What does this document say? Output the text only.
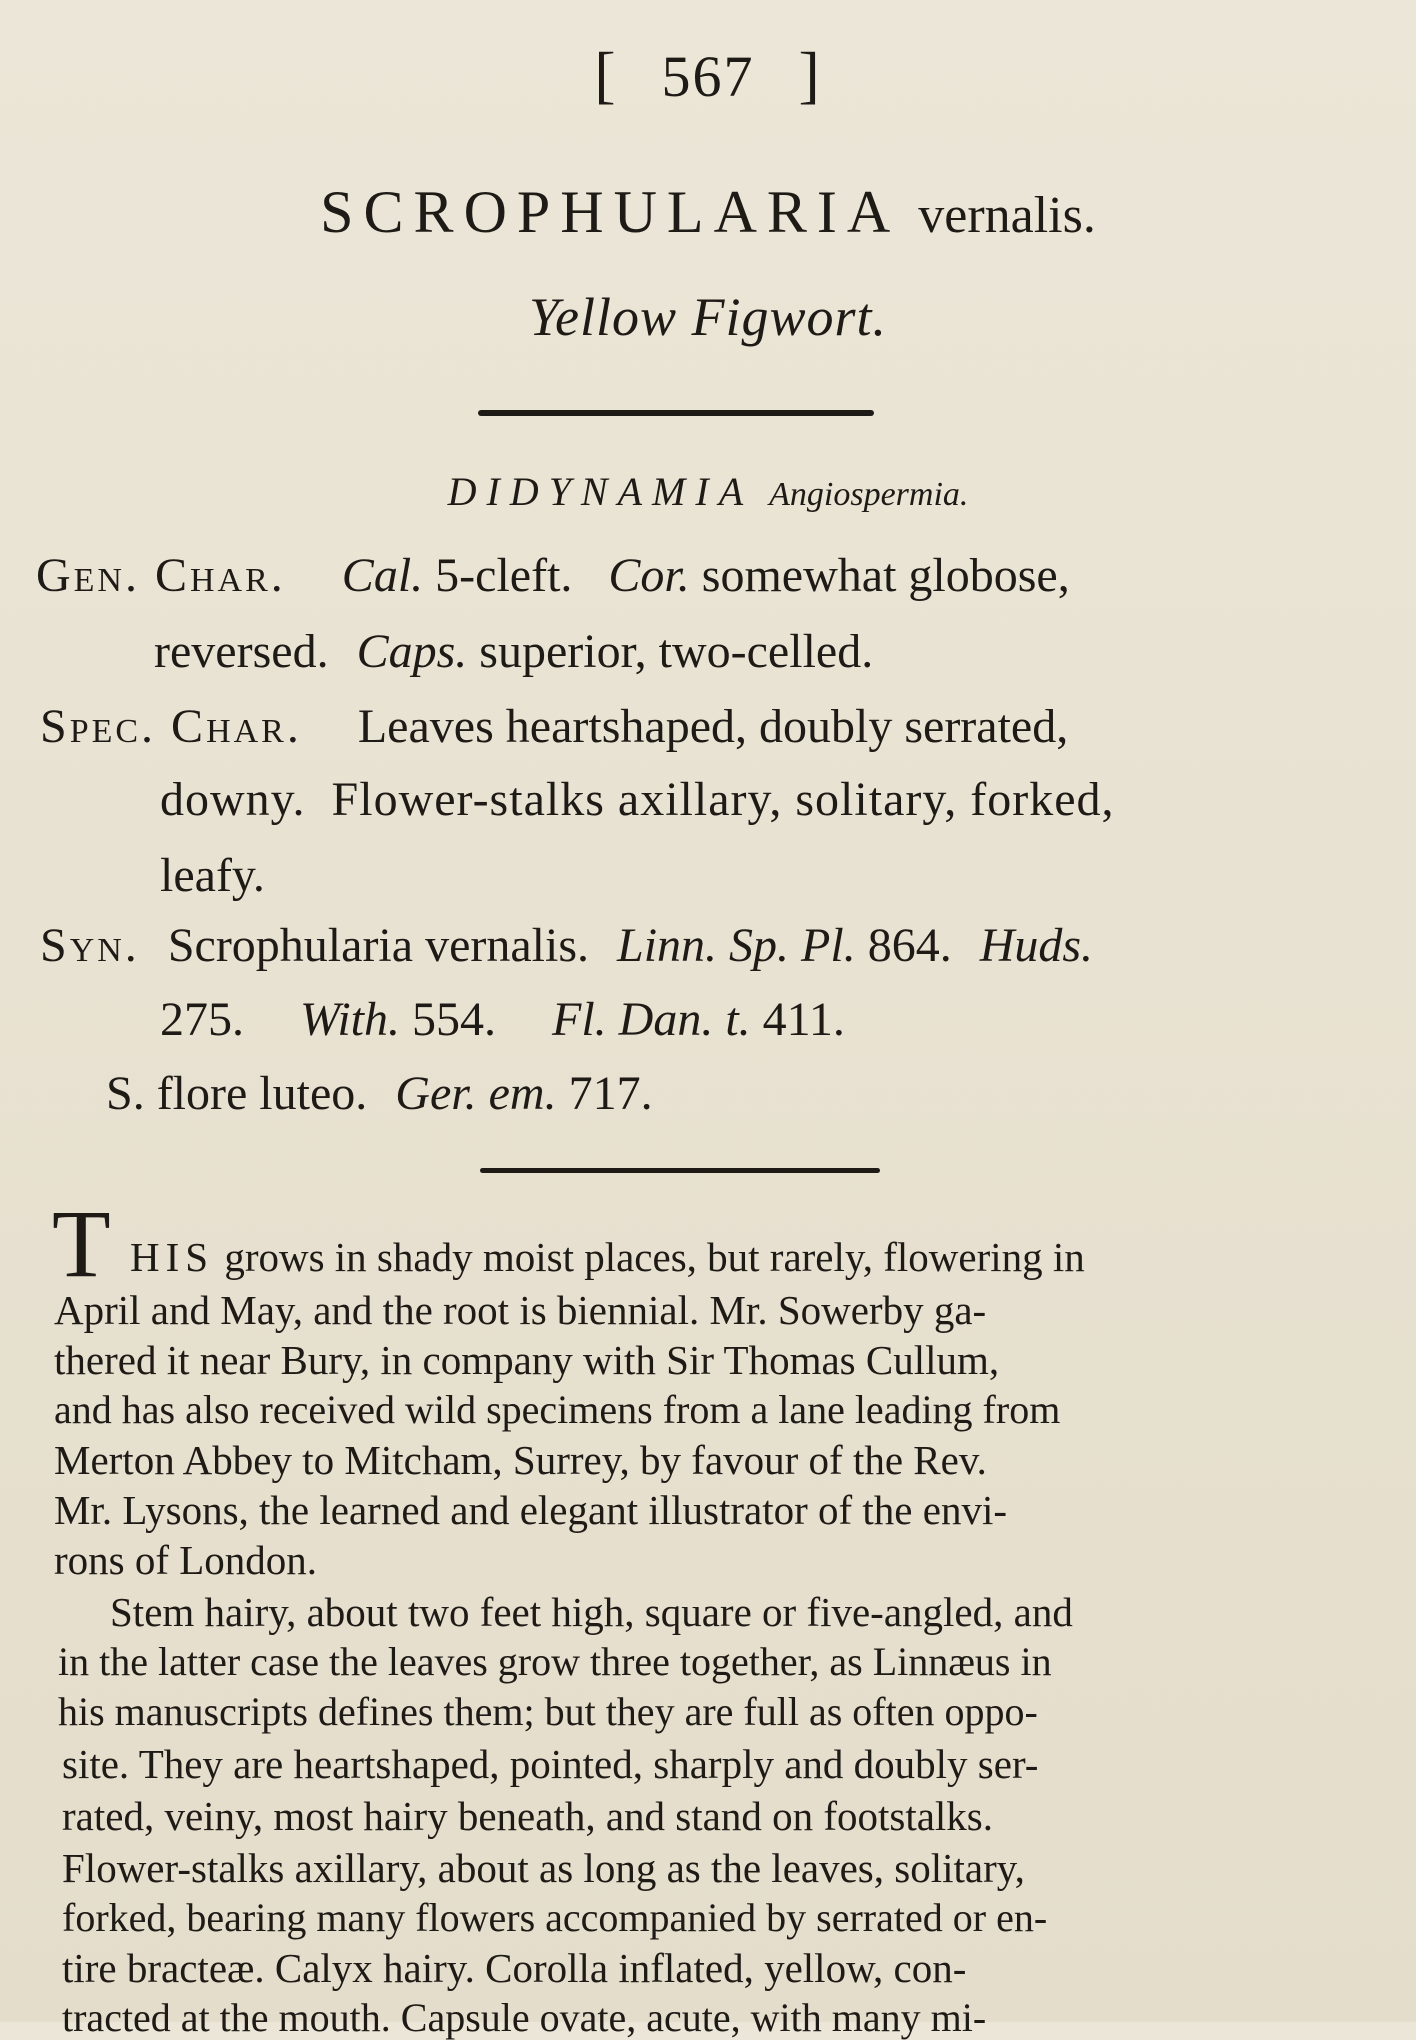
[ 567 ]
SCROPHULARIA vernalis.
Yellow Figwort.
DIDYNAMIA Angiospermia.
Gen. Char. Cal. 5-cleft.   Cor. somewhat globose,
reversed. Caps. superior, two-celled.
Spec. Char. Leaves heartshaped, doubly serrated,
downy.  Flower-stalks axillary, solitary, forked,
leafy.
Syn. Scrophularia vernalis. Linn. Sp. Pl. 864. Huds.
275. With. 554. Fl. Dan. t. 411.
S. flore luteo. Ger. em. 717.
T HIS grows in shady moist places, but rarely, flowering in
April and May, and the root is biennial. Mr. Sowerby ga-
thered it near Bury, in company with Sir Thomas Cullum,
and has also received wild specimens from a lane leading from
Merton Abbey to Mitcham, Surrey, by favour of the Rev.
Mr. Lysons, the learned and elegant illustrator of the envi-
rons of London.
Stem hairy, about two feet high, square or five-angled, and
in the latter case the leaves grow three together, as Linnæus in
his manuscripts defines them; but they are full as often oppo-
site. They are heartshaped, pointed, sharply and doubly ser-
rated, veiny, most hairy beneath, and stand on footstalks.
Flower-stalks axillary, about as long as the leaves, solitary,
forked, bearing many flowers accompanied by serrated or en-
tire bracteæ. Calyx hairy. Corolla inflated, yellow, con-
tracted at the mouth. Capsule ovate, acute, with many mi-
